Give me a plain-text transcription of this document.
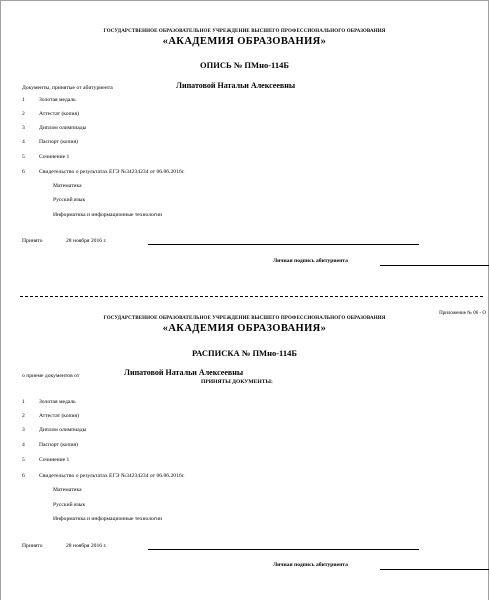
ГОСУДАРСТВЕННОЕ ОБРАЗОВАТЕЛЬНОЕ УЧРЕЖДЕНИЕ ВЫСШЕГО ПРОФЕССИОНАЛЬНОГО ОБРАЗОВАНИЯ
«АКАДЕМИЯ ОБРАЗОВАНИЯ»
ОПИСЬ № ПМно-114Б
Документы, принятые от абитуриента	Липатовой Натальи Алексеевны
1	Золотая медаль
2	Аттестат (копия)
3	Диплом олимпиады
4	Паспорт (копия)
5	Сочинение 1
6	Свидетельство о результатах ЕГЭ №34234234 от 06.06.2016г.
Математика
Русский язык
Информатика и информационные технологии
Принято	28 ноября 2016 г.
Личная подпись абитуриента
Приложение № 06 - О
ГОСУДАРСТВЕННОЕ ОБРАЗОВАТЕЛЬНОЕ УЧРЕЖДЕНИЕ ВЫСШЕГО ПРОФЕССИОНАЛЬНОГО ОБРАЗОВАНИЯ
«АКАДЕМИЯ ОБРАЗОВАНИЯ»
РАСПИСКА № ПМно-114Б
о приеме документов от	Липатовой Натальи Алексеевны
ПРИНЯТЫ ДОКУМЕНТЫ:
1	Золотая медаль
2	Аттестат (копия)
3	Диплом олимпиады
4	Паспорт (копия)
5	Сочинение 1
6	Свидетельство о результатах ЕГЭ №34234234 от 06.06.2016г.
Математика
Русский язык
Информатика и информационные технологии
Принято	28 ноября 2016 г.
Личная подпись абитуриента
